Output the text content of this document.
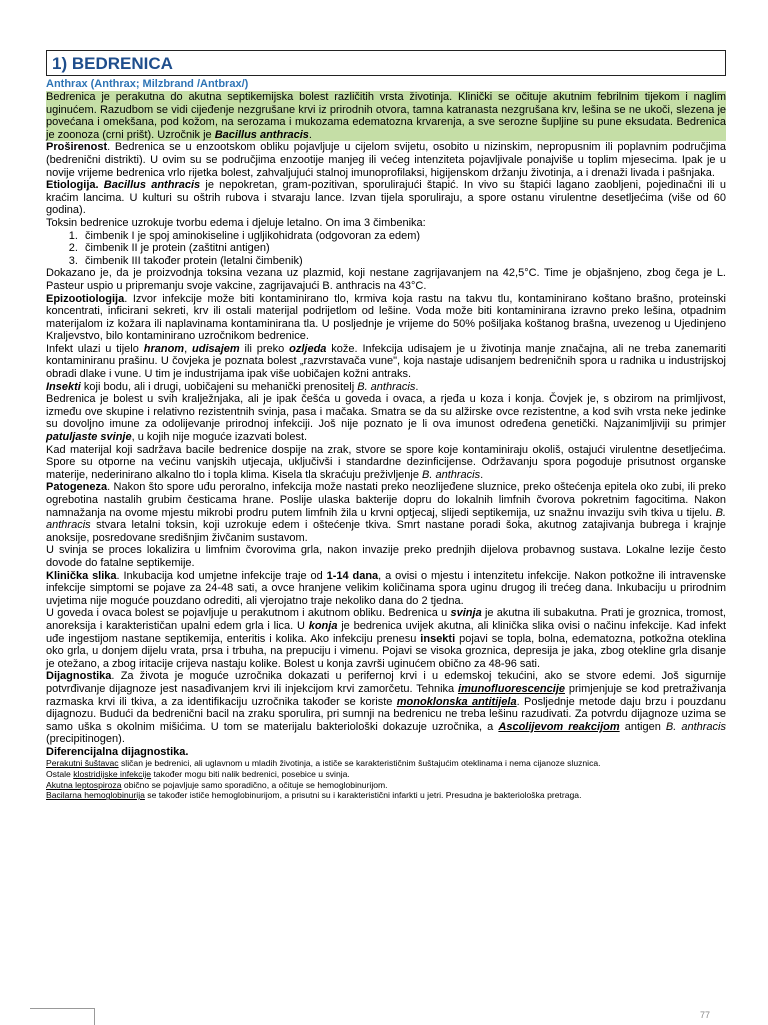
1) BEDRENICA
Anthrax (Anthrax; Milzbrand /Antbrax/)

Bedrenica je perakutna do akutna septikemijska bolest različitih vrsta životinja. Klinički se očituje akutnim febrilnim tijekom i naglim uginućem. Razudbom se vidi cijeđenje nezgrušane krvi iz prirodnih otvora, tamna katranasta nezgrušana krv, lešina se ne ukoči, slezena je povećana i omekšana, pod kožom, na serozama i mukozama edematozna krvarenja, a sve serozne šupljine su pune eksudata. Bedrenica je zoonoza (crni prišt). Uzročnik je Bacillus anthracis.

Proširenost. Bedrenica se u enzootskom obliku pojavljuje u cijelom svijetu, osobito u nizinskim, nepropusnim ili poplavnim područjima (bedrenični distrikti). U ovim su se područjima enzootije manjeg ili većeg intenziteta pojavljivale ponajviše u toplim mjesecima. Ipak je u novije vrijeme bedrenica vrlo rijetka bolest, zahvaljujući stalnoj imunoprofilaksi, higijenskom držanju životinja, a i drenaži livada i pašnjaka.

Etiologija. Bacillus anthracis je nepokretan, gram-pozitivan, sporulirajući štapić. In vivo su štapići lagano zaobljeni, pojedinačni ili u kraćim lancima. U kulturi su oštrih rubova i stvaraju lance. Izvan tijela sporuliraju, a spore ostanu virulentne desetljećima (više od 60 godina).

Toksin bedrenice uzrokuje tvorbu edema i djeluje letalno. On ima 3 čimbenika:

1. čimbenik I je spoj aminokiseline i ugljikohidrata (odgovoran za edem)
2. čimbenik II je protein (zaštitni antigen)
3. čimbenik III također protein (letalni čimbenik)

Dokazano je, da je proizvodnja toksina vezana uz plazmid, koji nestane zagrijavanjem na 42,5°C. Time je objašnjeno, zbog čega je L. Pasteur uspio u pripremanju svoje vakcine, zagrijavajući B. anthracis na 43°C.

Epizootiologija. Izvor infekcije može biti kontaminirano tlo, krmiva koja rastu na takvu tlu, kontaminirano koštano brašno, proteinski koncentrati, inficirani sekreti, krv ili ostali materijal podrijetlom od lešine. Voda može biti kontaminirana izravno preko lešina, otpadnim materijalom iz kožara ili naplavinama kontaminirana tla. U posljednje je vrijeme do 50% pošiljaka koštanog brašna, uvezenog u Ujedinjeno Kraljevstvo, bilo kontaminirano uzročnikom bedrenice.

Infekt ulazi u tijelo hranom, udisajem ili preko ozljeda kože. Infekcija udisajem je u životinja manje značajna, ali ne treba zanemariti kontaminiranu prašinu. U čovjeka je poznata bolest „razvrstavača vune", koja nastaje udisanjem bedreničnih spora u radnika u industrijskoj obradi dlake i vune. U tim je industrijama ipak više uobičajen kožni antraks.

Insekti koji bodu, ali i drugi, uobičajeni su mehanički prenositelj B. anthracis.

Bedrenica je bolest u svih kralježnjaka, ali je ipak češća u goveda i ovaca, a rjeđa u koza i konja. Čovjek je, s obzirom na primljivost, između ove skupine i relativno rezistentnih svinja, pasa i mačaka. Smatra se da su alžirske ovce rezistentne, a kod svih vrsta neke jedinke su dovoljno imune za odolijevanje prirodnoj infekciji. Još nije poznato je li ova imunost određena genetički. Najzanimljiviji su primjer patuljaste svinje, u kojih nije moguće izazvati bolest.

Kad materijal koji sadržava bacile bedrenice dospije na zrak, stvore se spore koje kontaminiraju okoliš, ostajući virulentne desetljećima. Spore su otporne na većinu vanjskih utjecaja, uključivši i standardne dezinficijense. Održavanju spora pogoduje prisutnost organske materije, nederinirano alkalno tlo i topla klima. Kisela tla skraćuju preživljenje B. anthracis.

Patogeneza. Nakon što spore uđu peroralno, infekcija može nastati preko neozlijeđene sluznice, preko oštećenja epitela oko zubi, ili preko ogrebotina nastalih grubim česticama hrane. Poslije ulaska bakterije dopru do lokalnih limfnih čvorova pokretnim fagocitima. Nakon namnažanja na ovome mjestu mikrobi prodru putem limfnih žila u krvni optjecaj, slijedi septikemija, uz snažnu invaziju svih tkiva u tijelu. B. anthracis stvara letalni toksin, koji uzrokuje edem i oštećenje tkiva. Smrt nastane poradi šoka, akutnog zatajivanja bubrega i krajnje anoksije, posredovane središnjim živčanim sustavom.

U svinja se proces lokalizira u limfnim čvorovima grla, nakon invazije preko prednjih dijelova probavnog sustava. Lokalne lezije često dovode do fatalne septikemije.

Klinička slika. Inkubacija kod umjetne infekcije traje od 1-14 dana, a ovisi o mjestu i intenzitetu infekcije. Nakon potkožne ili intravenske infekcije simptomi se pojave za 24-48 sati, a ovce hranjene velikim količinama spora uginu drugog ili trećeg dana. Inkubaciju u prirodnim uvjetima nije moguće pouzdano odrediti, ali vjerojatno traje nekoliko dana do 2 tjedna.

U goveda i ovaca bolest se pojavljuje u perakutnom i akutnom obliku. Bedrenica u svinja je akutna ili subakutna. Prati je groznica, tromost, anoreksija i karakterističan upalni edem grla i lica. U konja je bedrenica uvijek akutna, ali klinička slika ovisi o načinu infekcije. Kad infekt uđe ingestijom nastane septikemija, enteritis i kolika. Ako infekciju prenesu insekti pojavi se topla, bolna, edematozna, potkožna oteklina oko grla, u donjem dijelu vrata, prsa i trbuha, na prepuciju i vimenu. Pojavi se visoka groznica, depresija je jaka, zbog otekline grla disanje je otežano, a zbog iritacije crijeva nastaju kolike. Bolest u konja završi uginućem obično za 48-96 sati.

Dijagnostika. Za života je moguće uzročnika dokazati u perifernoj krvi i u edemskoj tekućini, ako se stvore edemi. Još sigurnije potvrđivanje dijagnoze jest nasađivanjem krvi ili injekcijom krvi zamorčetu. Tehnika imunofluorescencije primjenjuje se kod pretraživanja razmaska krvi ili tkiva, a za identifikaciju uzročnika također se koriste monoklonska antitijela. Posljednje metode daju brzu i pouzdanu dijagnozu. Budući da bedrenični bacil na zraku sporulira, pri sumnji na bedrenicu ne treba lešinu razudivati. Za potvrdu dijagnoze uzima se samo uška s okolnim mišićima. U tom se materijalu bakteriološki dokazuje uzročnika, a Ascolijevom reakcijom antigen B. anthracis (precipitinogen).

Diferencijalna dijagnostika.

Perakutni šuštavac sličan je bedrenici, ali uglavnom u mladih životinja, a ističe se karakterističnim šuštajućim oteklinama i nema cijanoze sluznica.

Ostale klostridijske infekcije također mogu biti nalik bedrenici, posebice u svinja.

Akutna leptospiroza obično se pojavljuje samo sporadično, a očituje se hemoglobinurijom.

Bacilarna hemoglobinurija se također ističe hemoglobinurijom, a prisutni su i karakteristični infarkti u jetri. Presudna je bakteriološka pretraga.

77
